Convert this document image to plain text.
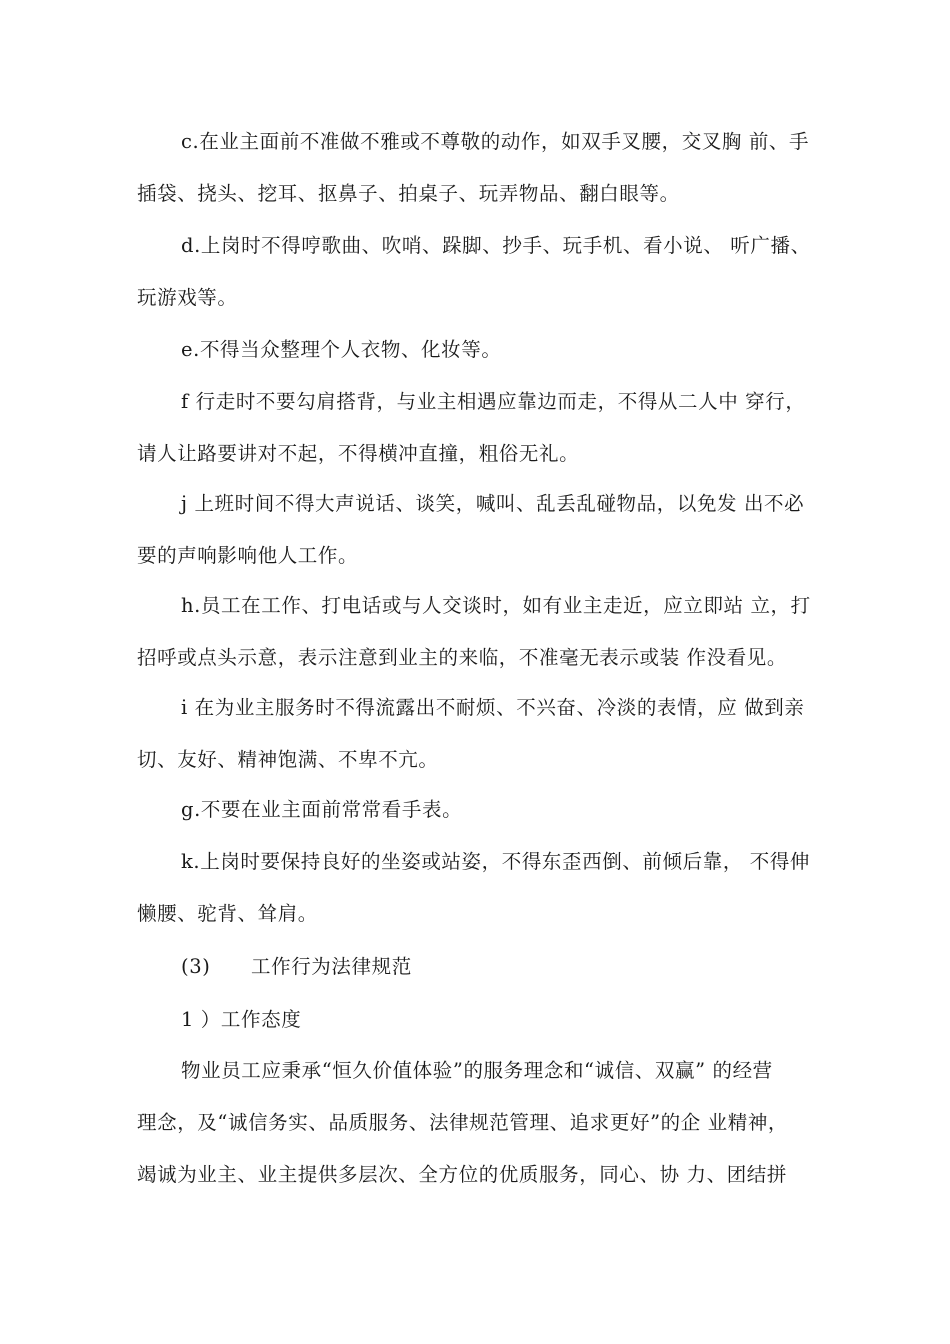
c.在业主面前不准做不雅或不尊敬的动作，如双手叉腰，交叉胸 前、手
插袋、挠头、挖耳、抠鼻子、拍桌子、玩弄物品、翻白眼等。

d.上岗时不得哼歌曲、吹哨、跺脚、抄手、玩手机、看小说、 听广播、
玩游戏等。

e.不得当众整理个人衣物、化妆等。

f 行走时不要勾肩搭背，与业主相遇应靠边而走，不得从二人中 穿行，
请人让路要讲对不起，不得横冲直撞，粗俗无礼。

j 上班时间不得大声说话、谈笑，喊叫、乱丢乱碰物品，以免发 出不必
要的声响影响他人工作。

h.员工在工作、打电话或与人交谈时，如有业主走近，应立即站 立，打
招呼或点头示意，表示注意到业主的来临，不准毫无表示或装 作没看见。

i 在为业主服务时不得流露出不耐烦、不兴奋、冷淡的表情，应 做到亲
切、友好、精神饱满、不卑不亢。

g.不要在业主面前常常看手表。

k.上岗时要保持良好的坐姿或站姿，不得东歪西倒、前倾后靠， 不得伸
懒腰、驼背、耸肩。

(3) 工作行为法律规范

1 ）工作态度

物业员工应秉承“恒久价值体验”的服务理念和“诚信、双赢” 的经营
理念，及“诚信务实、品质服务、法律规范管理、追求更好”的企 业精神，
竭诚为业主、业主提供多层次、全方位的优质服务，同心、协 力、团结拼
